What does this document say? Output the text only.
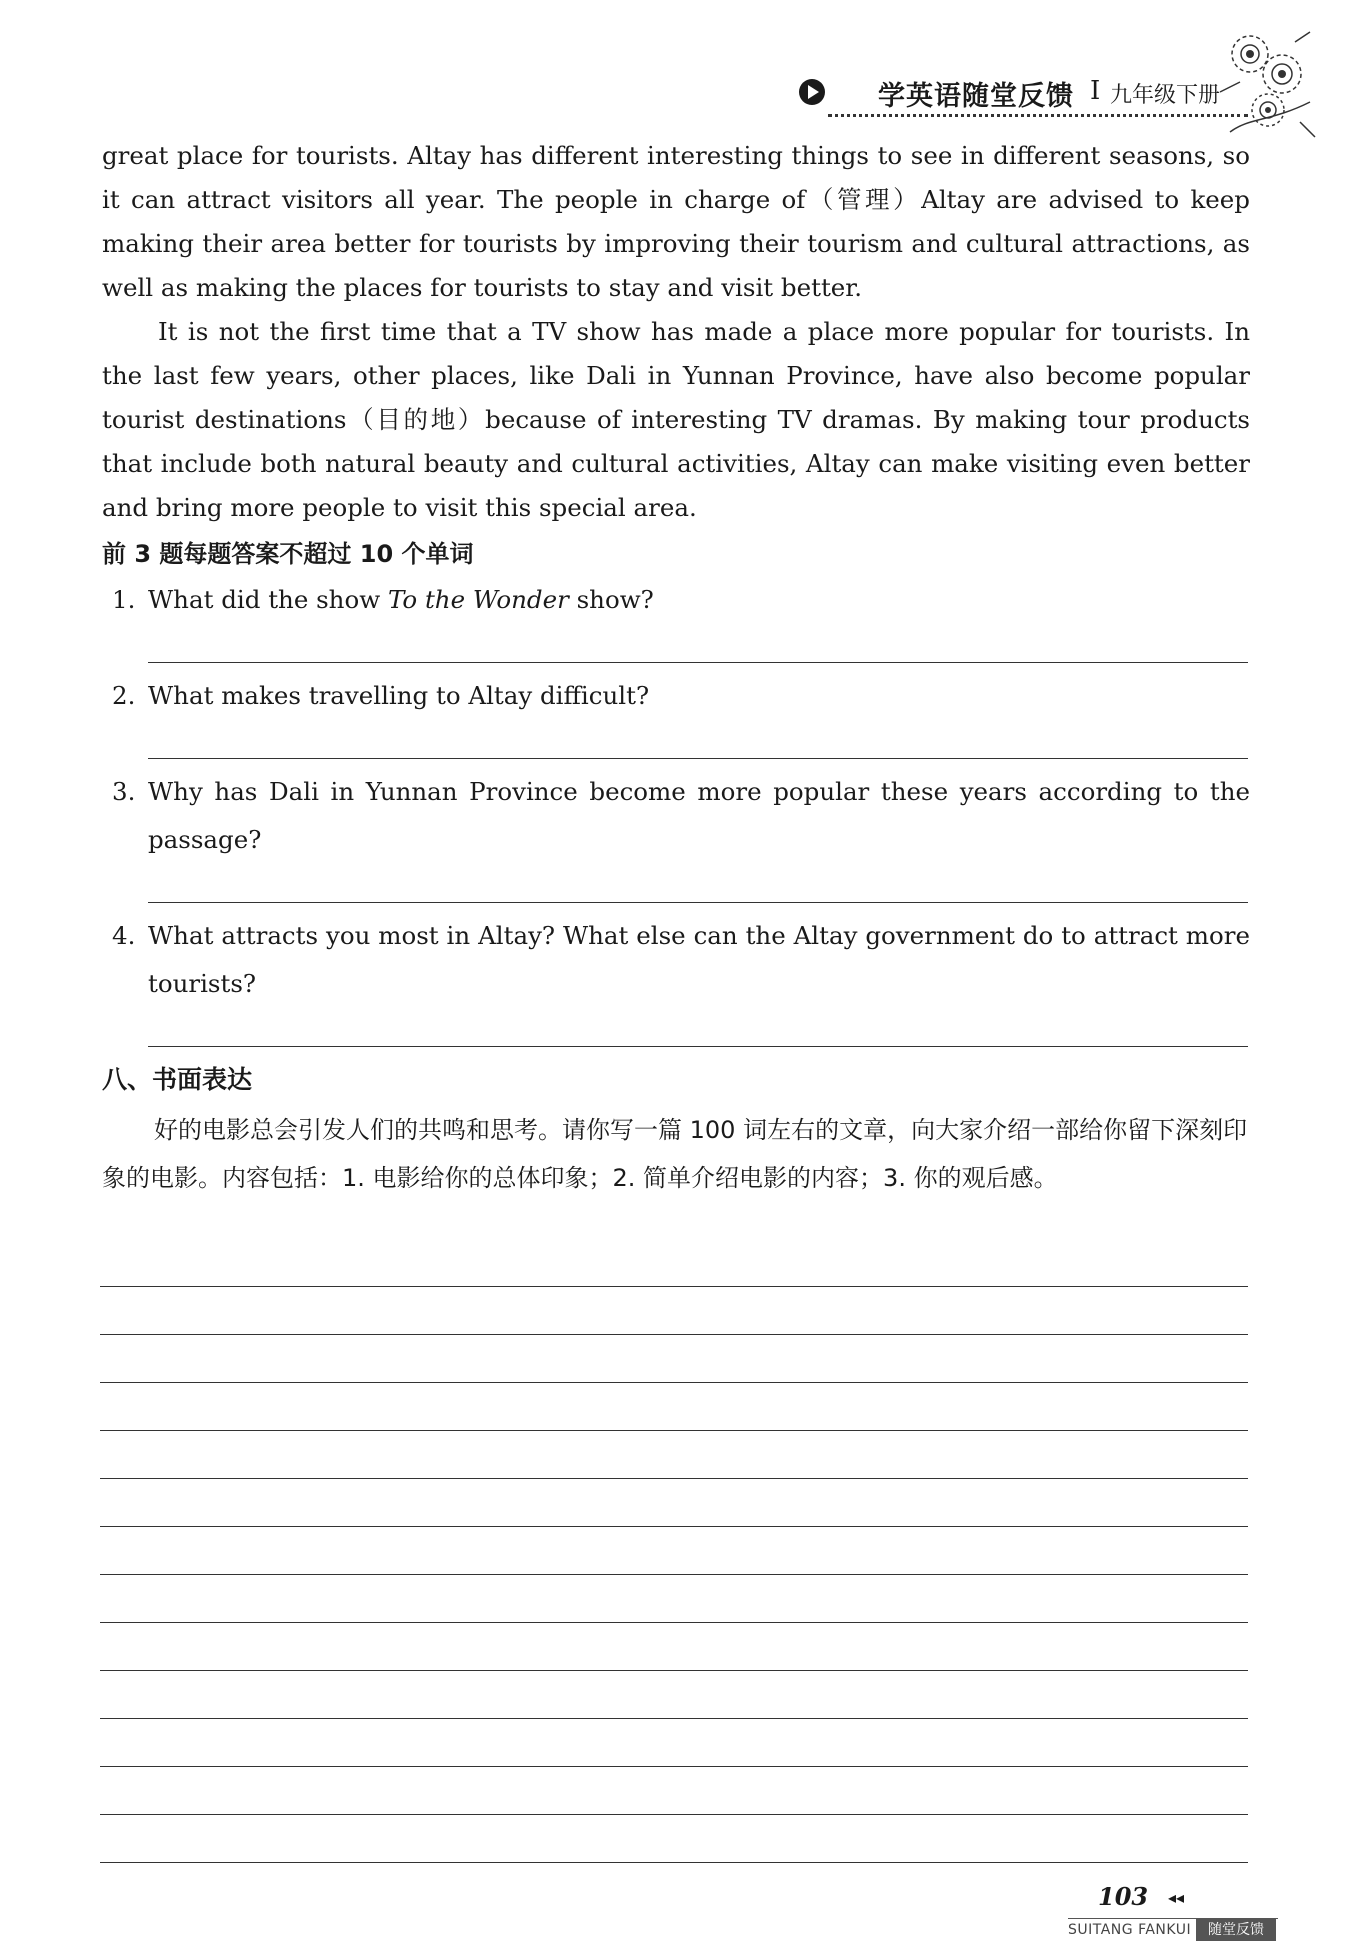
学英语随堂反馈 I 九年级下册

great place for tourists. Altay has different interesting things to see in different seasons, so it can attract visitors all year. The people in charge of（管理）Altay are advised to keep making their area better for tourists by improving their tourism and cultural attractions, as well as making the places for tourists to stay and visit better.

It is not the first time that a TV show has made a place more popular for tourists. In the last few years, other places, like Dali in Yunnan Province, have also become popular tourist destinations（目的地）because of interesting TV dramas. By making tour products that include both natural beauty and cultural activities, Altay can make visiting even better and bring more people to visit this special area.

前 3 题每题答案不超过 10 个单词
1. What did the show To the Wonder show?
2. What makes travelling to Altay difficult?
3. Why has Dali in Yunnan Province become more popular these years according to the
passage?
4. What attracts you most in Altay? What else can the Altay government do to attract more
tourists?
八、书面表达
好的电影总会引发人们的共鸣和思考。请你写一篇 100 词左右的文章，向大家介绍一部给你留下深刻印象的电影。内容包括：1. 电影给你的总体印象；2. 简单介绍电影的内容；3. 你的观后感。
103 ◂◂
SUITANG FANKUI	随堂反馈
